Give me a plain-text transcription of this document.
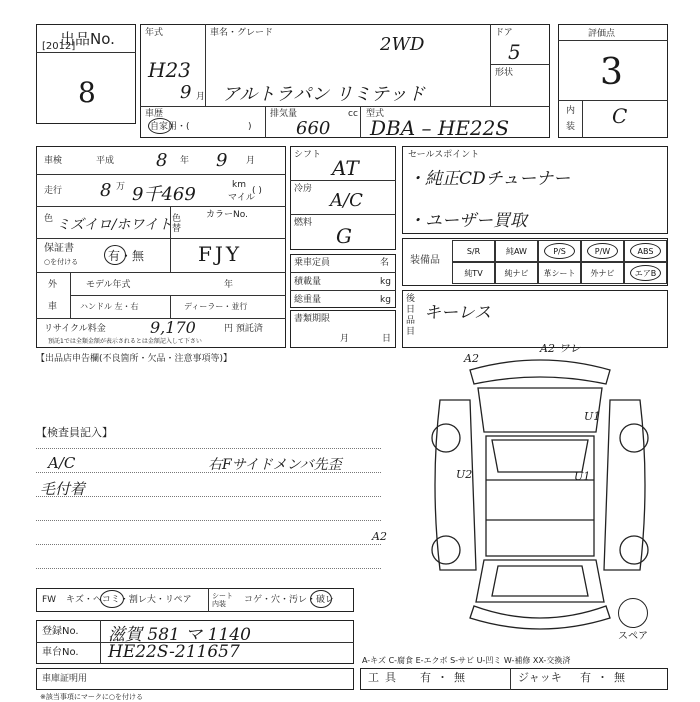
出品No.
[2012]
8
年式
H23
9 月
車名・グレード
2WD
アルトラパン リミテッド
ドア
5
形状
車歴
自家用・(	)
排気量
660
cc 型式
DBA – HE22S
評価点
3
内
装 C
車検	平成 8 年 9 月
走行 8 万 9千469	km
マイル
( )
色 ミズイロ/ホワイト 色替
カラーNo.
FJY
保証書
○を付ける 有・無
外
車
モデル年式	年
ハンドル 左・右	ディーラー・並行
リサイクル料金	9,170	円 預託済
預託1では全類金額が表示されるとは金額記入して下さい
【出品店申告欄(不良箇所・欠品・注意事項等)】
シフト
AT
冷房
A/C
燃料
G
乗車定員	名
積載量	kg
総重量	kg
書類期限
月	日
セールスポイント
・純正CDチューナー
・ユーザー買取
装備品
S/R	純AW	P/S	P/W	ABS
純TV	純ナビ	革シート	外ナビ	エアB
後日品目
キーレス
A2
A2 ワレ
U1
U2	U1
A2
スペア
【検査員記入】
A/C	右Fサイドメンバ先歪
毛付着
FW キズ・ヘコミ・割レ大・リペア	シート内装	コゲ・穴・汚レ・破レ
登録No. 滋賀 581 マ 1140
車台No. HE22S-211657
車庫証明用
A-キズ C-腐食 E-エクボ S-サビ U-凹ミ W-補修 XX-交換済
工具 有・無	ジャッキ 有・無
※該当事項にマークに○を付ける
